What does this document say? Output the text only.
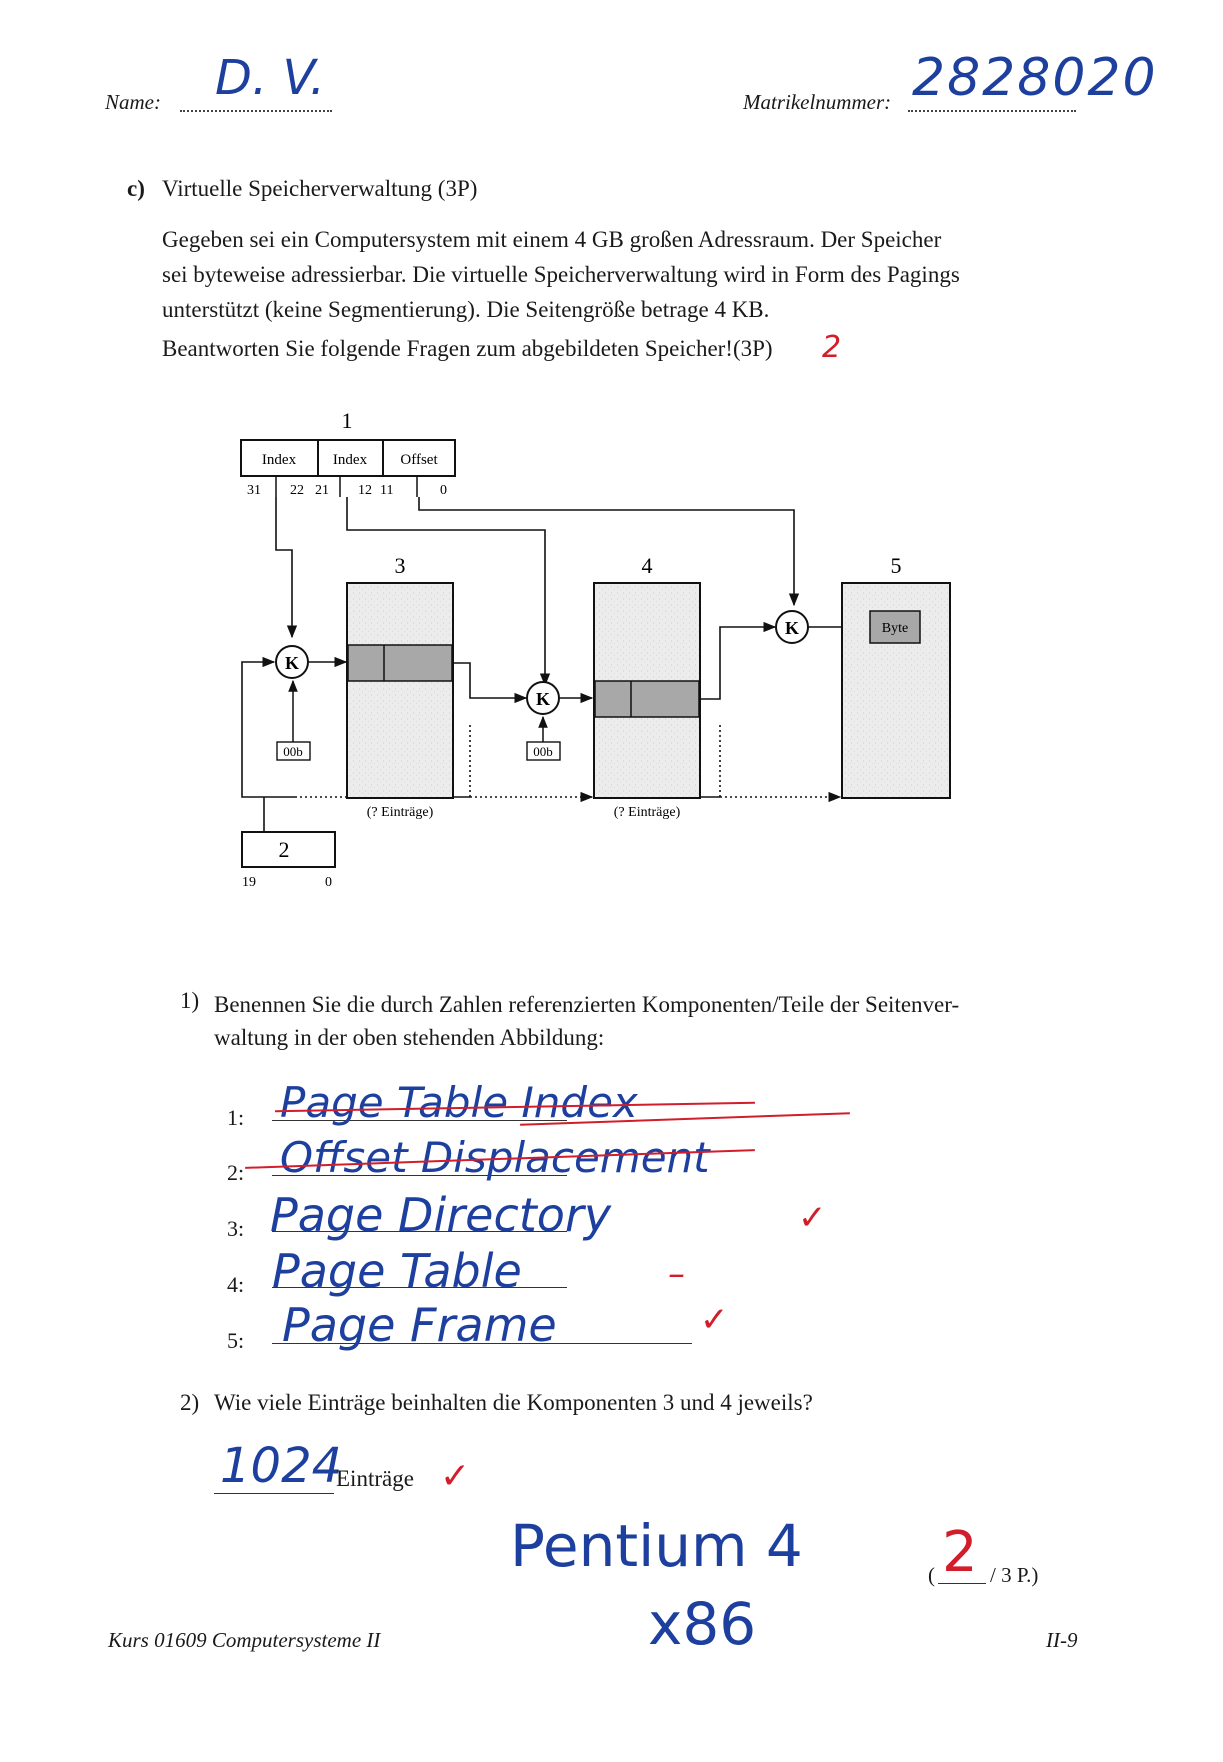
Name: D. V.	Matrikelnummer: 2828020
c) Virtuelle Speicherverwaltung (3P)
Gegeben sei ein Computersystem mit einem 4 GB großen Adressraum. Der Speicher
sei byteweise adressierbar. Die virtuelle Speicherverwaltung wird in Form des Pagings
unterstützt (keine Segmentierung). Die Seitengröße betrage 4 KB.
Beantworten Sie folgende Fragen zum abgebildeten Speicher!(3P) 2
1
Index Index Offset
31 22 21 12 11	0
K
00b
2
19	0
3
(? Einträge)
K
00b
4
(? Einträge)
K
5
Byte
1) Benennen Sie die durch Zahlen referenzierten Komponenten/Teile der Seitenver-
waltung in der oben stehenden Abbildung:
1: Page Table Index
2: Offset Displacement
3: Page Directory	✓
4: Page Table	–
5: Page Frame	✓
2) Wie viele Einträge beinhalten die Komponenten 3 und 4 jeweils?
1024
Einträge ✓
Pentium 4
x86
( 2 / 3 P.)
Kurs 01609 Computersysteme II	II-9
